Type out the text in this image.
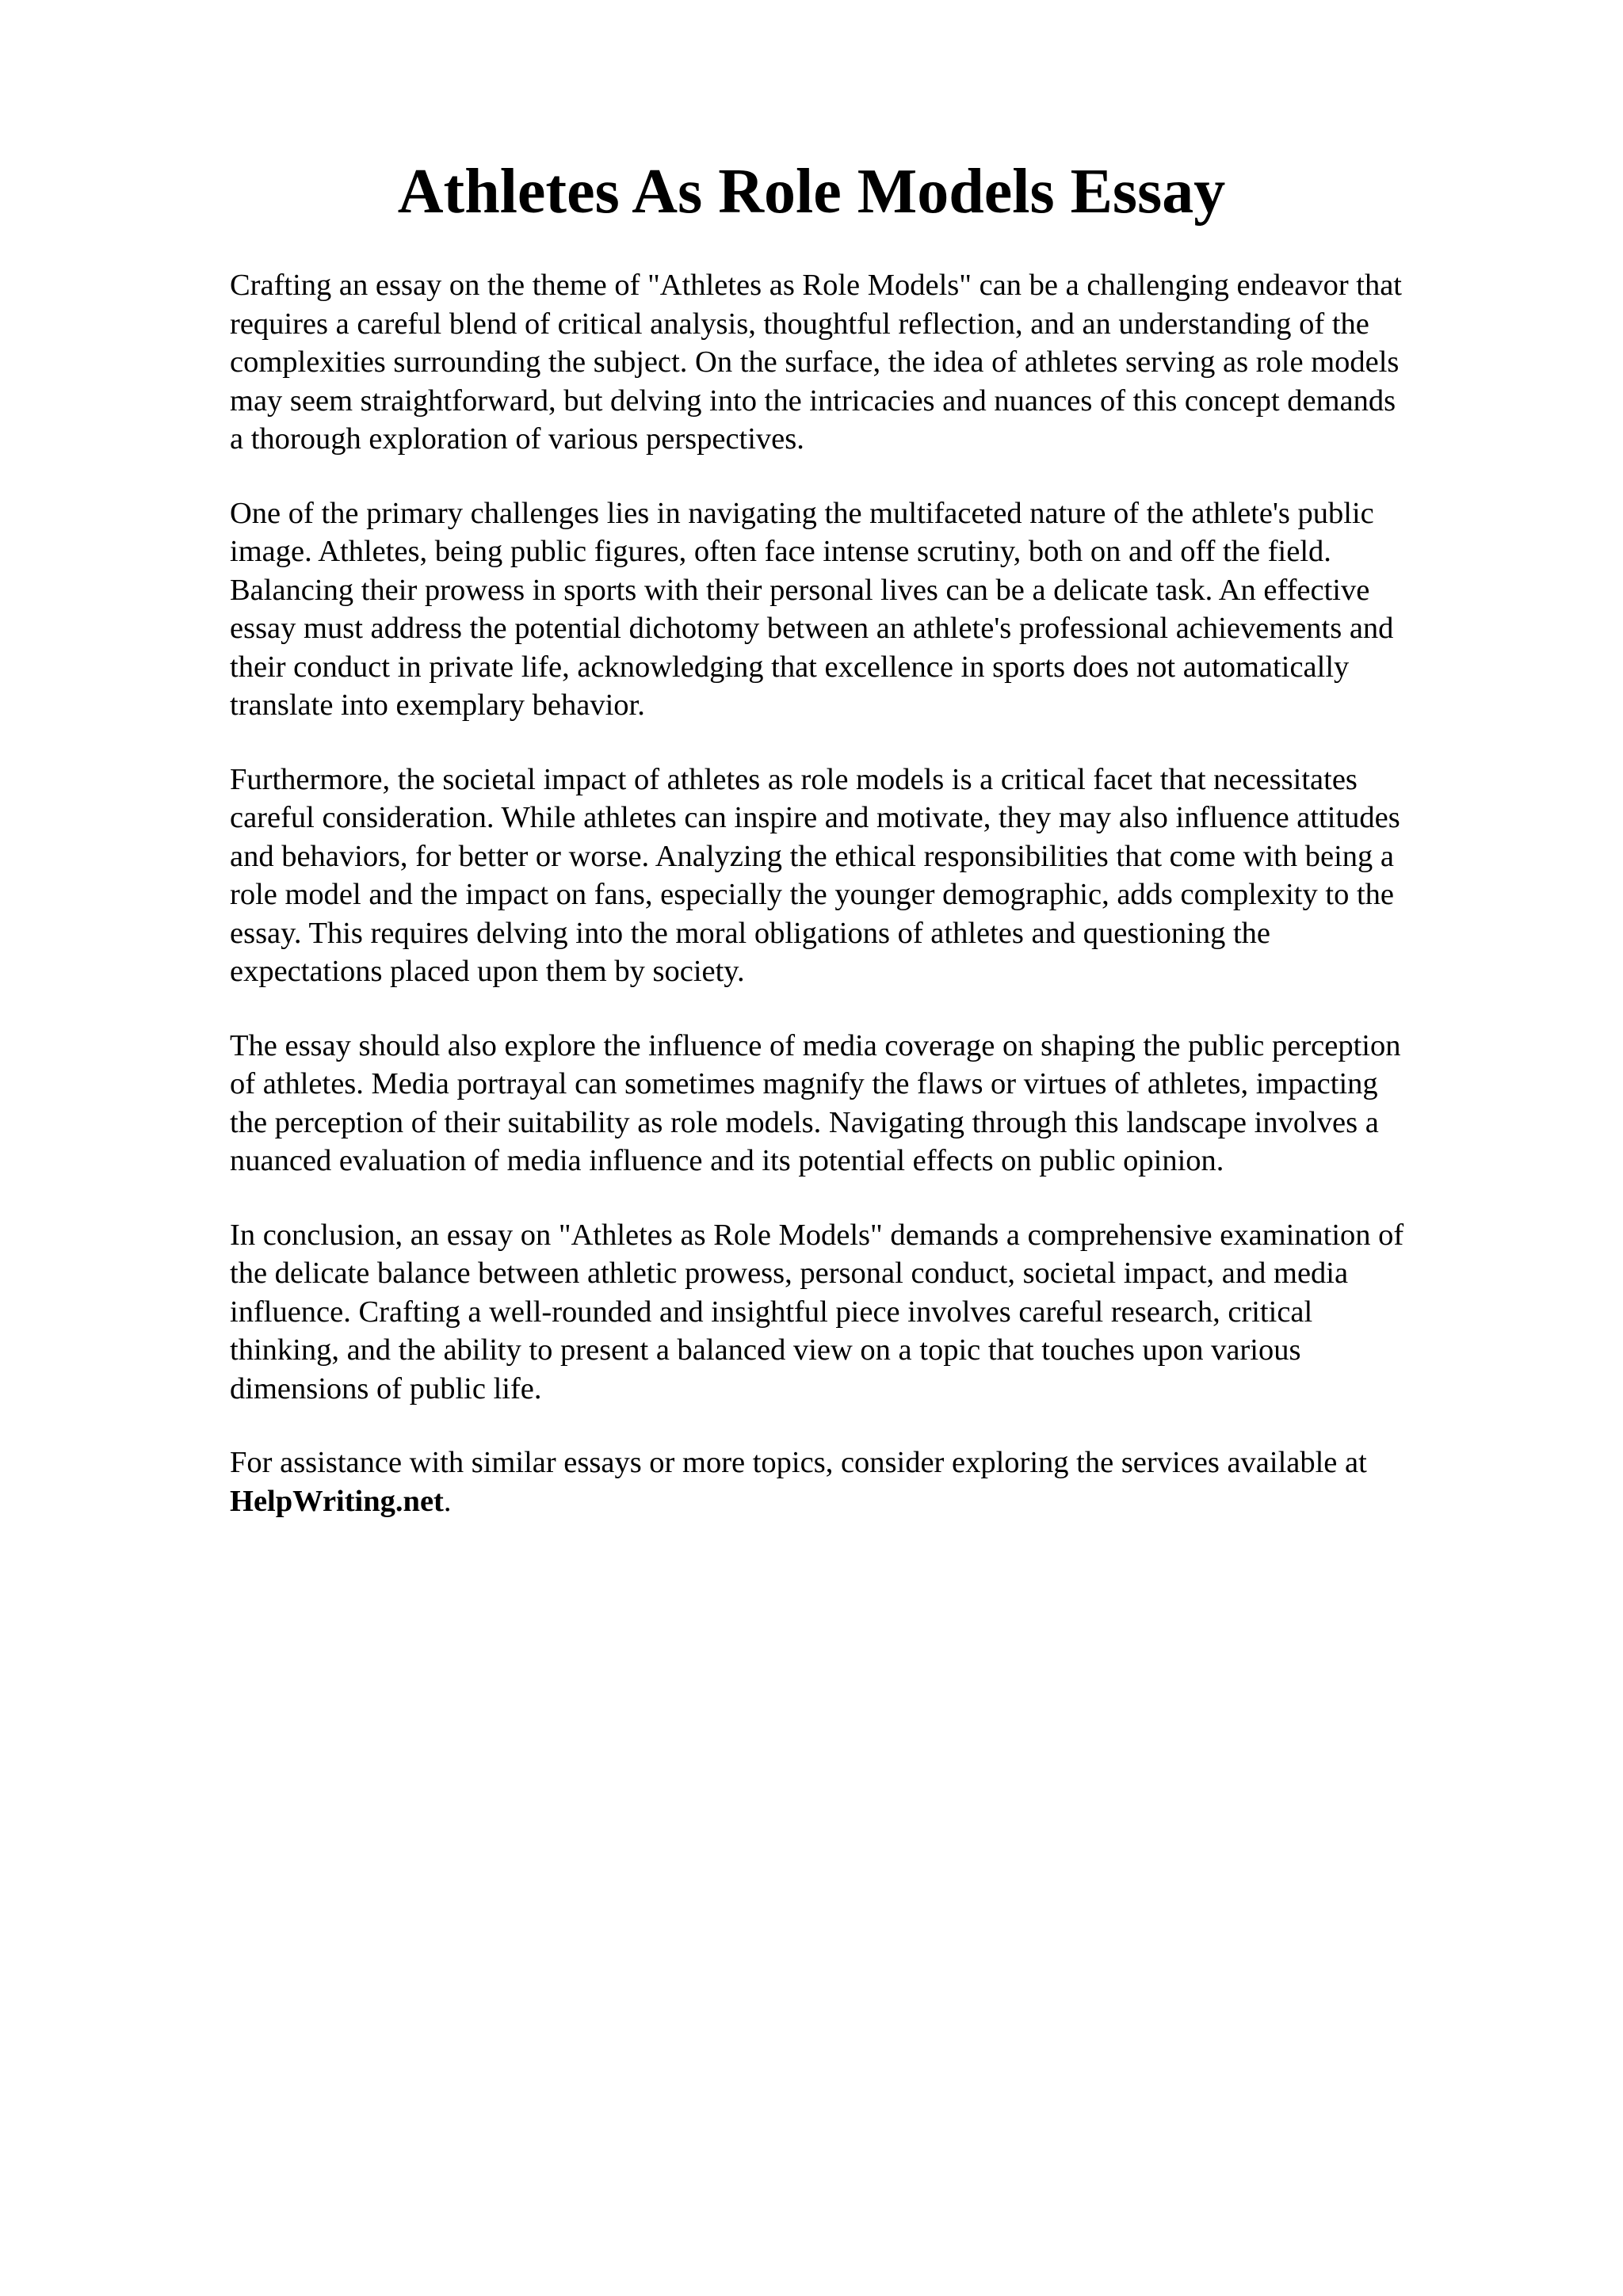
Athletes As Role Models Essay

Crafting an essay on the theme of "Athletes as Role Models" can be a challenging endeavor that
requires a careful blend of critical analysis, thoughtful reflection, and an understanding of the
complexities surrounding the subject. On the surface, the idea of athletes serving as role models
may seem straightforward, but delving into the intricacies and nuances of this concept demands
a thorough exploration of various perspectives.

One of the primary challenges lies in navigating the multifaceted nature of the athlete's public
image. Athletes, being public figures, often face intense scrutiny, both on and off the field.
Balancing their prowess in sports with their personal lives can be a delicate task. An effective
essay must address the potential dichotomy between an athlete's professional achievements and
their conduct in private life, acknowledging that excellence in sports does not automatically
translate into exemplary behavior.

Furthermore, the societal impact of athletes as role models is a critical facet that necessitates
careful consideration. While athletes can inspire and motivate, they may also influence attitudes
and behaviors, for better or worse. Analyzing the ethical responsibilities that come with being a
role model and the impact on fans, especially the younger demographic, adds complexity to the
essay. This requires delving into the moral obligations of athletes and questioning the
expectations placed upon them by society.

The essay should also explore the influence of media coverage on shaping the public perception
of athletes. Media portrayal can sometimes magnify the flaws or virtues of athletes, impacting
the perception of their suitability as role models. Navigating through this landscape involves a
nuanced evaluation of media influence and its potential effects on public opinion.

In conclusion, an essay on "Athletes as Role Models" demands a comprehensive examination of
the delicate balance between athletic prowess, personal conduct, societal impact, and media
influence. Crafting a well-rounded and insightful piece involves careful research, critical
thinking, and the ability to present a balanced view on a topic that touches upon various
dimensions of public life.

For assistance with similar essays or more topics, consider exploring the services available at
HelpWriting.net.
